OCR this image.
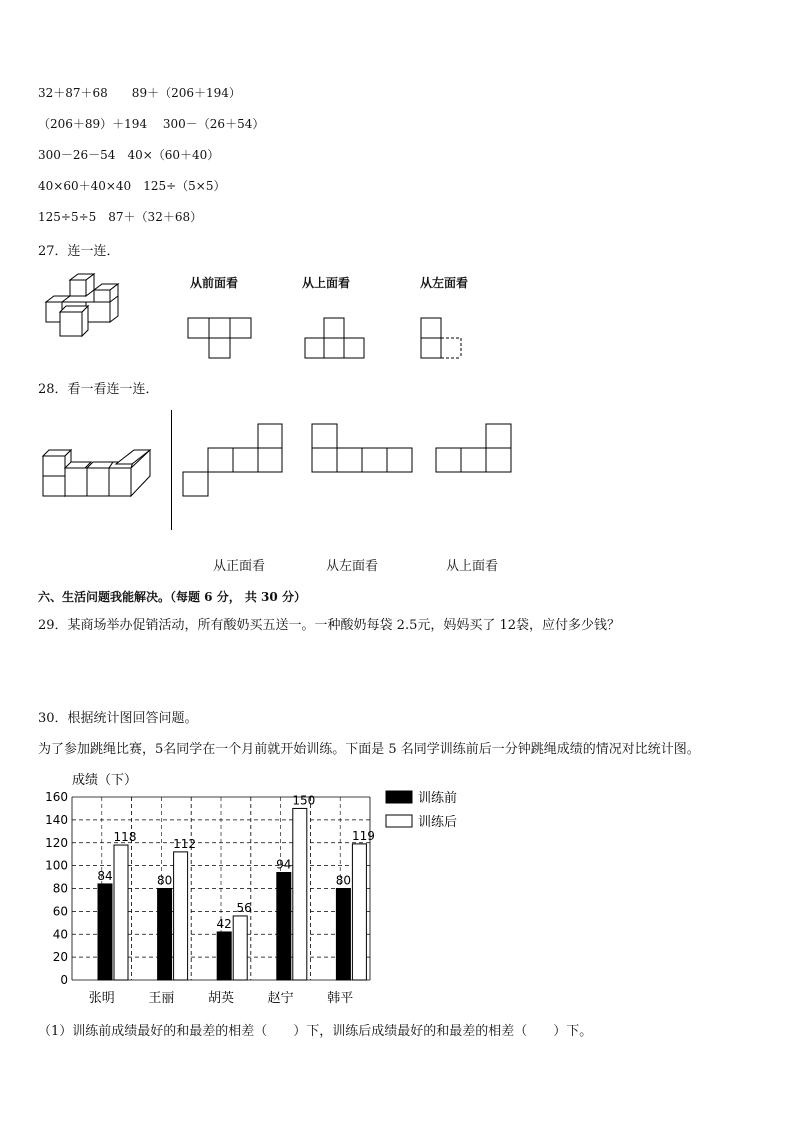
32＋87＋68　　89＋（206＋194）
（206＋89）＋194　 300－（26＋54）
300－26－54　40×（60＋40）
40×60＋40×40　125÷（5×5）
125÷5÷5　87＋（32＋68）
27．连一连．
从前面看	从上面看	从左面看
28．看一看连一连．
从正面看	从左面看	从上面看
六、生活问题我能解决。（每题 6 分， 共 30 分）
29．某商场举办促销活动，所有酸奶买五送一。一种酸奶每袋 2.5元，妈妈买了 12袋，应付多少钱？
30．根据统计图回答问题。
为了参加跳绳比赛，5名同学在一个月前就开始训练。下面是 5 名同学训练前后一分钟跳绳成绩的情况对比统计图。
成绩（下）
0
20
40
60
80
100
120
140
160
84
118
张明
80
112
王丽
42
56
胡英
94
150
赵宁
80
119
韩平
训练前
训练后
（1）训练前成绩最好的和最差的相差（　　）下，训练后成绩最好的和最差的相差（　　）下。
